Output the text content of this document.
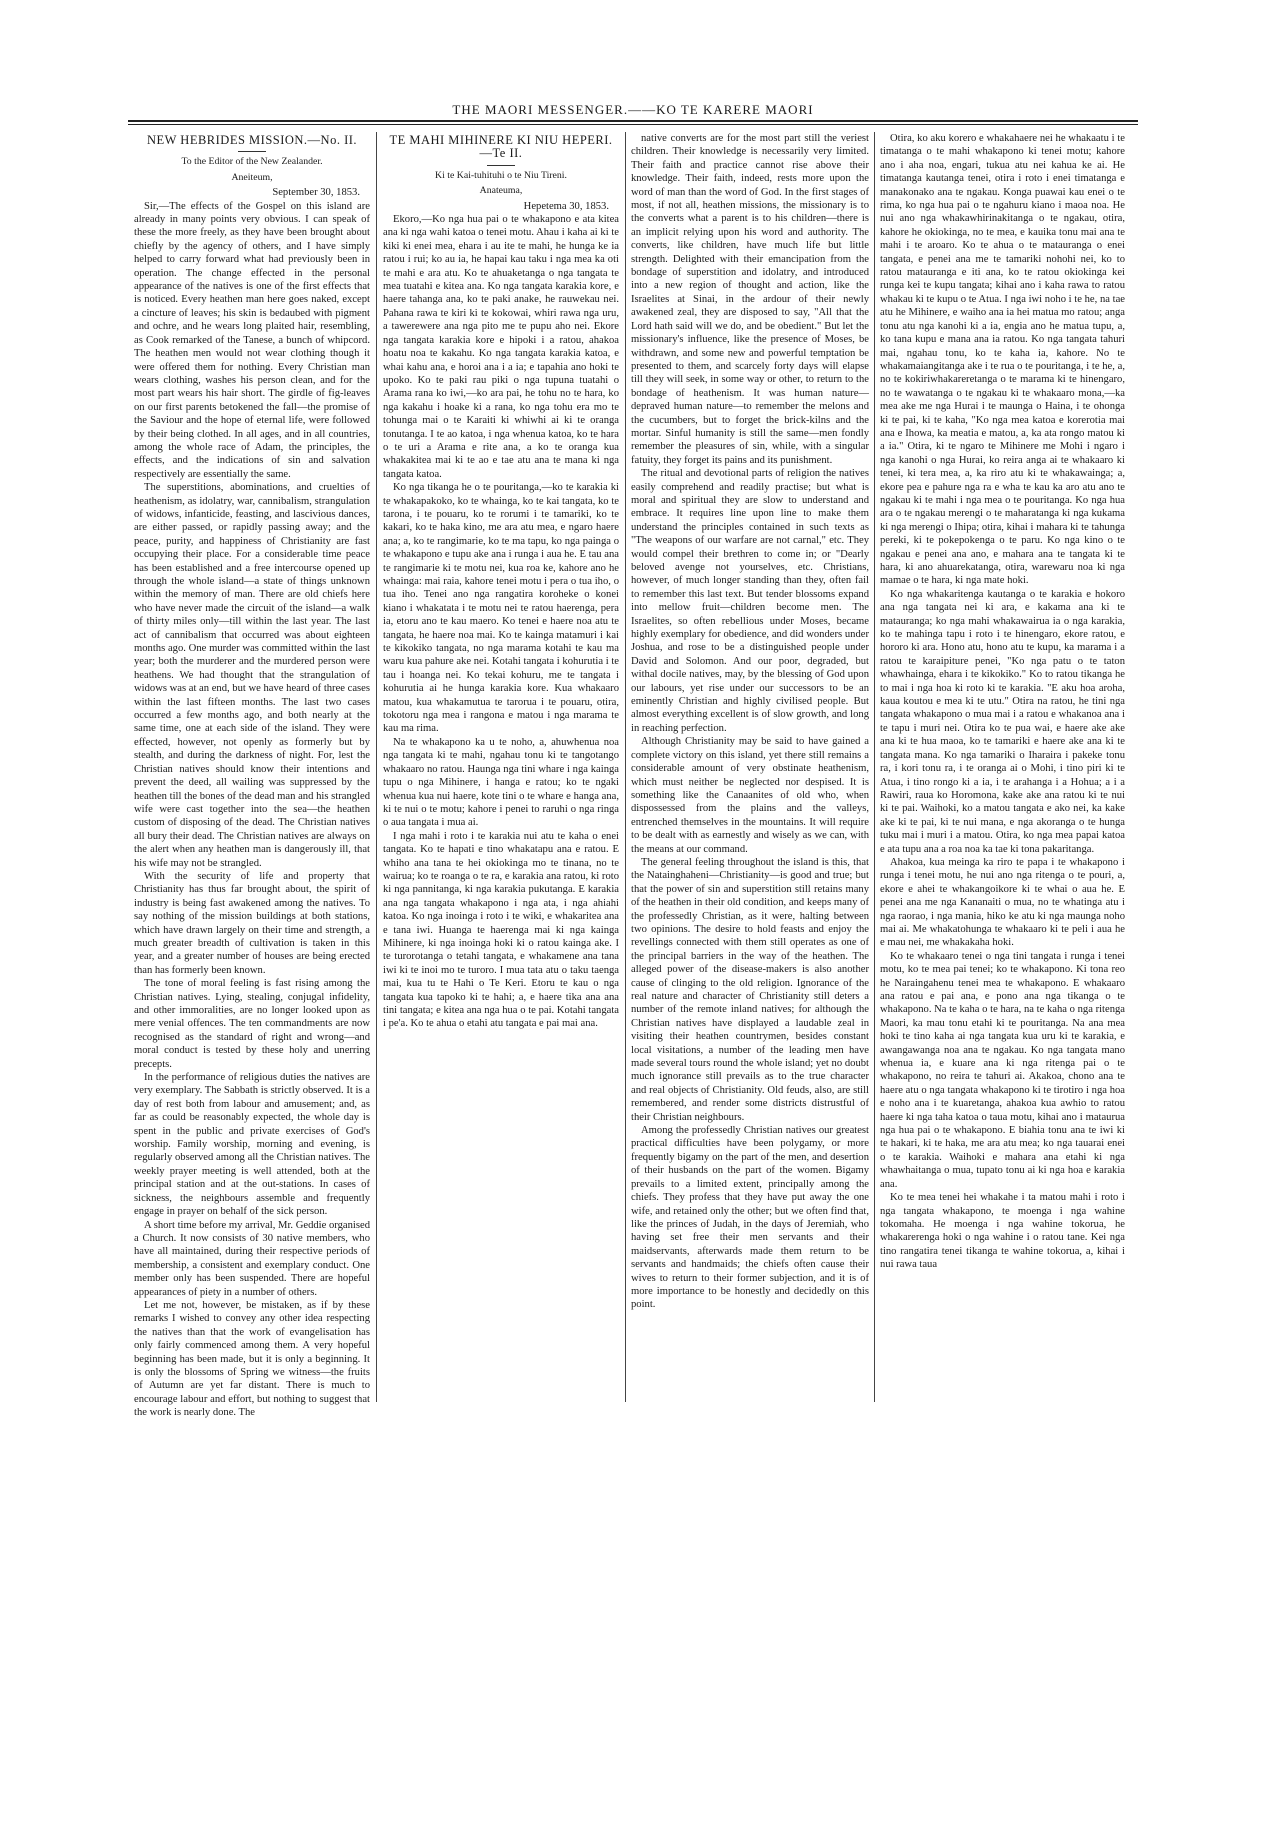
THE MAORI MESSENGER.——KO TE KARERE MAORI
NEW HEBRIDES MISSION.—No. II.
To the Editor of the New Zealander.
Aneiteum,
September 30, 1853.

Sir,—The effects of the Gospel on this island are already in many points very obvious. I can speak of these the more freely, as they have been brought about chiefly by the agency of others, and I have simply helped to carry forward what had previously been in operation. The change effected in the personal appearance of the natives is one of the first effects that is noticed. Every heathen man here goes naked, except a cincture of leaves; his skin is bedaubed with pigment and ochre, and he wears long plaited hair, resembling, as Cook remarked of the Tanese, a bunch of whipcord. The heathen men would not wear clothing though it were offered them for nothing. Every Christian man wears clothing, washes his person clean, and for the most part wears his hair short. The girdle of fig-leaves on our first parents betokened the fall—the promise of the Saviour and the hope of eternal life, were followed by their being clothed. In all ages, and in all countries, among the whole race of Adam, the principles, the effects, and the indications of sin and salvation respectively are essentially the same.

The superstitions, abominations, and cruelties of heathenism, as idolatry, war, cannibalism, strangulation of widows, infanticide, feasting, and lascivious dances, are either passed, or rapidly passing away; and the peace, purity, and happiness of Christianity are fast occupying their place. For a considerable time peace has been established and a free intercourse opened up through the whole island—a state of things unknown within the memory of man. There are old chiefs here who have never made the circuit of the island—a walk of thirty miles only—till within the last year. The last act of cannibalism that occurred was about eighteen months ago. One murder was committed within the last year; both the murderer and the murdered person were heathens. We had thought that the strangulation of widows was at an end, but we have heard of three cases within the last fifteen months. The last two cases occurred a few months ago, and both nearly at the same time, one at each side of the island. They were effected, however, not openly as formerly but by stealth, and during the darkness of night. For, lest the Christian natives should know their intentions and prevent the deed, all wailing was suppressed by the heathen till the bones of the dead man and his strangled wife were cast together into the sea—the heathen custom of disposing of the dead. The Christian natives all bury their dead. The Christian natives are always on the alert when any heathen man is dangerously ill, that his wife may not be strangled.

With the security of life and property that Christianity has thus far brought about, the spirit of industry is being fast awakened among the natives. To say nothing of the mission buildings at both stations, which have drawn largely on their time and strength, a much greater breadth of cultivation is taken in this year, and a greater number of houses are being erected than has formerly been known.

The tone of moral feeling is fast rising among the Christian natives. Lying, stealing, conjugal infidelity, and other immoralities, are no longer looked upon as mere venial offences. The ten commandments are now recognised as the standard of right and wrong—and moral conduct is tested by these holy and unerring precepts.

In the performance of religious duties the natives are very exemplary. The Sabbath is strictly observed. It is a day of rest both from labour and amusement; and, as far as could be reasonably expected, the whole day is spent in the public and private exercises of God's worship. Family worship, morning and evening, is regularly observed among all the Christian natives. The weekly prayer meeting is well attended, both at the principal station and at the out-stations. In cases of sickness, the neighbours assemble and frequently engage in prayer on behalf of the sick person.

A short time before my arrival, Mr. Geddie organised a Church. It now consists of 30 native members, who have all maintained, during their respective periods of membership, a consistent and exemplary conduct. One member only has been suspended. There are hopeful appearances of piety in a number of others.

Let me not, however, be mistaken, as if by these remarks I wished to convey any other idea respecting the natives than that the work of evangelisation has only fairly commenced among them. A very hopeful beginning has been made, but it is only a beginning. It is only the blossoms of Spring we witness—the fruits of Autumn are yet far distant. There is much to encourage labour and effort, but nothing to suggest that the work is nearly done. The

TE MAHI MIHINERE KI NIU HEPERI.—Te II.
Ki te Kai-tuhituhi o te Niu Tireni.
Anateuma,
Hepetema 30, 1853.

Ekoro,—Ko nga hua pai o te whakapono e ata kitea ana ki nga wahi katoa o tenei motu. Ahau i kaha ai ki te kiki ki enei mea, ehara i au ite te mahi, he hunga ke ia ratou i rui; ko au ia, he hapai kau taku i nga mea ka oti te mahi e ara atu. Ko te ahuaketanga o nga tangata te mea tuatahi e kitea ana. Ko nga tangata karakia kore, e haere tahanga ana, ko te paki anake, he rauwekau nei. Pahana rawa te kiri ki te kokowai, whiri rawa nga uru, a tawerewere ana nga pito me te pupu aho nei. Ekore nga tangata karakia kore e hipoki i a ratou, ahakoa hoatu noa te kakahu. Ko nga tangata karakia katoa, e whai kahu ana, e horoi ana i a ia; e tapahia ano hoki te upoko. Ko te paki rau piki o nga tupuna tuatahi o Arama rana ko iwi,—ko ara pai, he tohu no te hara, ko nga kakahu i hoake ki a rana, ko nga tohu era mo te tohunga mai o te Karaiti ki whiwhi ai ki te oranga tonutanga. I te ao katoa, i nga whenua katoa, ko te hara o te uri a Arama e rite ana, a ko te oranga kua whakakitea mai ki te ao e tae atu ana te mana ki nga tangata katoa.

Ko nga tikanga he o te pouritanga,—ko te karakia ki te whakapakoko, ko te whainga, ko te kai tangata, ko te tarona, i te pouaru, ko te rorumi i te tamariki, ko te kakari, ko te haka kino, me ara atu mea, e ngaro haere ana; a, ko te rangimarie, ko te ma tapu, ko nga painga o te whakapono e tupu ake ana i runga i aua he. E tau ana te rangimarie ki te motu nei, kua roa ke, kahore ano he whainga: mai raia, kahore tenei motu i pera o tua iho, o tua iho. Tenei ano nga rangatira koroheke o konei kiano i whakatata i te motu nei te ratou haerenga, pera ia, etoru ano te kau maero. Ko tenei e haere noa atu te tangata, he haere noa mai. Ko te kainga matamuri i kai te kikokiko tangata, no nga marama kotahi te kau ma waru kua pahure ake nei. Kotahi tangata i kohurutia i te tau i hoanga nei. Ko tekai kohuru, me te tangata i kohurutia ai he hunga karakia kore. Kua whakaaro matou, kua whakamutua te tarorua i te pouaru, otira, tokotoru nga mea i rangona e matou i nga marama te kau ma rima.

Na te whakapono ka u te noho, a, ahuwhenua noa nga tangata ki te mahi, ngahau tonu ki te tangotango whakaaro no ratou. Haunga nga tini whare i nga kainga tupu o nga Mihinere, i hanga e ratou; ko te ngaki whenua kua nui haere, kote tini o te whare e hanga ana, ki te nui o te motu; kahore i penei to raruhi o nga ringa o aua tangata i mua ai.

I nga mahi i roto i te karakia nui atu te kaha o enei tangata. Ko te hapati e tino whakatapu ana e ratou. E whiho ana tana te hei okiokinga mo te tinana, no te wairua; ko te roanga o te ra, e karakia ana ratou, ki roto ki nga pannitanga, ki nga karakia pukutanga. E karakia ana nga tangata whakapono i nga ata, i nga ahiahi katoa. Ko nga inoinga i roto i te wiki, e whakaritea ana e tana iwi. Huanga te haerenga mai ki nga kainga Mihinere, ki nga inoinga hoki ki o ratou kainga ake. I te turorotanga o tetahi tangata, e whakamene ana tana iwi ki te inoi mo te turoro. I mua tata atu o taku taenga mai, kua tu te Hahi o Te Keri. Etoru te kau o nga tangata kua tapoko ki te hahi; a, e haere tika ana ana tini tangata; e kitea ana nga hua o te pai. Kotahi tangata i pe'a. Ko te ahua o etahi atu tangata e pai mai ana.

native converts are for the most part still the veriest children. Their knowledge is necessarily very limited. Their faith and practice cannot rise above their knowledge. Their faith, indeed, rests more upon the word of man than the word of God. In the first stages of most, if not all, heathen missions, the missionary is to the converts what a parent is to his children—there is an implicit relying upon his word and authority. The converts, like children, have much life but little strength. Delighted with their emancipation from the bondage of superstition and idolatry, and introduced into a new region of thought and action, like the Israelites at Sinai, in the ardour of their newly awakened zeal, they are disposed to say, "All that the Lord hath said will we do, and be obedient." But let the missionary's influence, like the presence of Moses, be withdrawn, and some new and powerful temptation be presented to them, and scarcely forty days will elapse till they will seek, in some way or other, to return to the bondage of heathenism. It was human nature—depraved human nature—to remember the melons and the cucumbers, but to forget the brick-kilns and the mortar. Sinful humanity is still the same—men fondly remember the pleasures of sin, while, with a singular fatuity, they forget its pains and its punishment.

The ritual and devotional parts of religion the natives easily comprehend and readily practise; but what is moral and spiritual they are slow to understand and embrace. It requires line upon line to make them understand the principles contained in such texts as "The weapons of our warfare are not carnal," etc. They would compel their brethren to come in; or "Dearly beloved avenge not yourselves, etc. Christians, however, of much longer standing than they, often fail to remember this last text. But tender blossoms expand into mellow fruit—children become men. The Israelites, so often rebellious under Moses, became highly exemplary for obedience, and did wonders under Joshua, and rose to be a distinguished people under David and Solomon. And our poor, degraded, but withal docile natives, may, by the blessing of God upon our labours, yet rise under our successors to be an eminently Christian and highly civilised people. But almost everything excellent is of slow growth, and long in reaching perfection.

Although Christianity may be said to have gained a complete victory on this island, yet there still remains a considerable amount of very obstinate heathenism, which must neither be neglected nor despised. It is something like the Canaanites of old who, when dispossessed from the plains and the valleys, entrenched themselves in the mountains. It will require to be dealt with as earnestly and wisely as we can, with the means at our command.

The general feeling throughout the island is this, that the Natainghaheni—Christianity—is good and true; but that the power of sin and superstition still retains many of the heathen in their old condition, and keeps many of the professedly Christian, as it were, halting between two opinions. The desire to hold feasts and enjoy the revellings connected with them still operates as one of the principal barriers in the way of the heathen. The alleged power of the disease-makers is also another cause of clinging to the old religion. Ignorance of the real nature and character of Christianity still deters a number of the remote inland natives; for although the Christian natives have displayed a laudable zeal in visiting their heathen countrymen, besides constant local visitations, a number of the leading men have made several tours round the whole island; yet no doubt much ignorance still prevails as to the true character and real objects of Christianity. Old feuds, also, are still remembered, and render some districts distrustful of their Christian neighbours.

Among the professedly Christian natives our greatest practical difficulties have been polygamy, or more frequently bigamy on the part of the men, and desertion of their husbands on the part of the women. Bigamy prevails to a limited extent, principally among the chiefs. They profess that they have put away the one wife, and retained only the other; but we often find that, like the princes of Judah, in the days of Jeremiah, who having set free their men servants and their maidservants, afterwards made them return to be servants and handmaids; the chiefs often cause their wives to return to their former subjection, and it is of more importance to be honestly and decidedly on this point.

Otira, ko aku korero e whakahaere nei he whakaatu i te timatanga o te mahi whakapono ki tenei motu; kahore ano i aha noa, engari, tukua atu nei kahua ke ai. He timatanga kautanga tenei, otira i roto i enei timatanga e manakonako ana te ngakau. Konga puawai kau enei o te rima, ko nga hua pai o te ngahuru kiano i maoa noa. He nui ano nga whakawhirinakitanga o te ngakau, otira, kahore he okiokinga, no te mea, e kauika tonu mai ana te mahi i te aroaro. Ko te ahua o te matauranga o enei tangata, e penei ana me te tamariki nohohi nei, ko to ratou matauranga e iti ana, ko te ratou okiokinga kei runga kei te kupu tangata; kihai ano i kaha rawa to ratou whakau ki te kupu o te Atua. I nga iwi noho i te he, na tae atu he Mihinere, e waiho ana ia hei matua mo ratou; anga tonu atu nga kanohi ki a ia, engia ano he matua tupu, a, ko tana kupu e mana ana ia ratou. Ko nga tangata tahuri mai, ngahau tonu, ko te kaha ia, kahore. No te whakamaiangitanga ake i te rua o te pouritanga, i te he, a, no te kokiriwhakareretanga o te marama ki te hinengaro, no te wawatanga o te ngakau ki te whakaaro mona,—ka mea ake me nga Hurai i te maunga o Haina, i te ohonga ki te pai, ki te kaha, "Ko nga mea katoa e korerotia mai ana e Ihowa, ka meatia e matou, a, ka ata rongo matou ki a ia." Otira, ki te ngaro te Mihinere me Mohi i ngaro i nga kanohi o nga Hurai, ko reira anga ai te whakaaro ki tenei, ki tera mea, a, ka riro atu ki te whakawainga; a, ekore pea e pahure nga ra e wha te kau ka aro atu ano te ngakau ki te mahi i nga mea o te pouritanga. Ko nga hua ara o te ngakau merengi o te maharatanga ki nga kukama ki nga merengi o Ihipa; otira, kihai i mahara ki te tahunga pereki, ki te pokepokenga o te paru. Ko nga kino o te ngakau e penei ana ano, e mahara ana te tangata ki te hara, ki ano ahuarekatanga, otira, warewaru noa ki nga mamae o te hara, ki nga mate hoki.

Ko nga whakaritenga kautanga o te karakia e hokoro ana nga tangata nei ki ara, e kakama ana ki te matauranga; ko nga mahi whakawairua ia o nga karakia, ko te mahinga tapu i roto i te hinengaro, ekore ratou, e hororo ki ara. Hono atu, hono atu te kupu, ka marama i a ratou te karaipiture penei, "Ko nga patu o te taton whawhainga, ehara i te kikokiko." Ko to ratou tikanga he to mai i nga hoa ki roto ki te karakia. "E aku hoa aroha, kaua koutou e mea ki te utu." Otira na ratou, he tini nga tangata whakapono o mua mai i a ratou e whakanoa ana i te tapu i muri nei. Otira ko te pua wai, e haere ake ake ana ki te hua maoa, ko te tamariki e haere ake ana ki te tangata mana. Ko nga tamariki o Iharaira i pakeke tonu ra, i kori tonu ra, i te oranga ai o Mohi, i tino piri ki te Atua, i tino rongo ki a ia, i te arahanga i a Hohua; a i a Rawiri, raua ko Horomona, kake ake ana ratou ki te nui ki te pai. Waihoki, ko a matou tangata e ako nei, ka kake ake ki te pai, ki te nui mana, e nga akoranga o te hunga tuku mai i muri i a matou. Otira, ko nga mea papai katoa e ata tupu ana a roa noa ka tae ki tona pakaritanga.

Ahakoa, kua meinga ka riro te papa i te whakapono i runga i tenei motu, he nui ano nga ritenga o te pouri, a, ekore e ahei te whakangoikore ki te whai o aua he. E penei ana me nga Kananaiti o mua, no te whatinga atu i nga raorao, i nga mania, hiko ke atu ki nga maunga noho mai ai. Me whakatohunga te whakaaro ki te peli i aua he e mau nei, me whakakaha hoki.

Ko te whakaaro tenei o nga tini tangata i runga i tenei motu, ko te mea pai tenei; ko te whakapono. Ki tona reo he Naraingahenu tenei mea te whakapono. E whakaaro ana ratou e pai ana, e pono ana nga tikanga o te whakapono. Na te kaha o te hara, na te kaha o nga ritenga Maori, ka mau tonu etahi ki te pouritanga. Na ana mea hoki te tino kaha ai nga tangata kua uru ki te karakia, e awangawanga noa ana te ngakau. Ko nga tangata mano whenua ia, e kuare ana ki nga ritenga pai o te whakapono, no reira te tahuri ai. Akakoa, chono ana te haere atu o nga tangata whakapono ki te tirotiro i nga hoa e noho ana i te kuaretanga, ahakoa kua awhio to ratou haere ki nga taha katoa o taua motu, kihai ano i mataurua nga hua pai o te whakapono. E biahia tonu ana te iwi ki te hakari, ki te haka, me ara atu mea; ko nga tauarai enei o te karakia. Waihoki e mahara ana etahi ki nga whawhaitanga o mua, tupato tonu ai ki nga hoa e karakia ana.

Ko te mea tenei hei whakahe i ta matou mahi i roto i nga tangata whakapono, te moenga i nga wahine tokomaha. He moenga i nga wahine tokorua, he whakarerenga hoki o nga wahine i o ratou tane. Kei nga tino rangatira tenei tikanga te wahine tokorua, a, kihai i nui rawa taua
